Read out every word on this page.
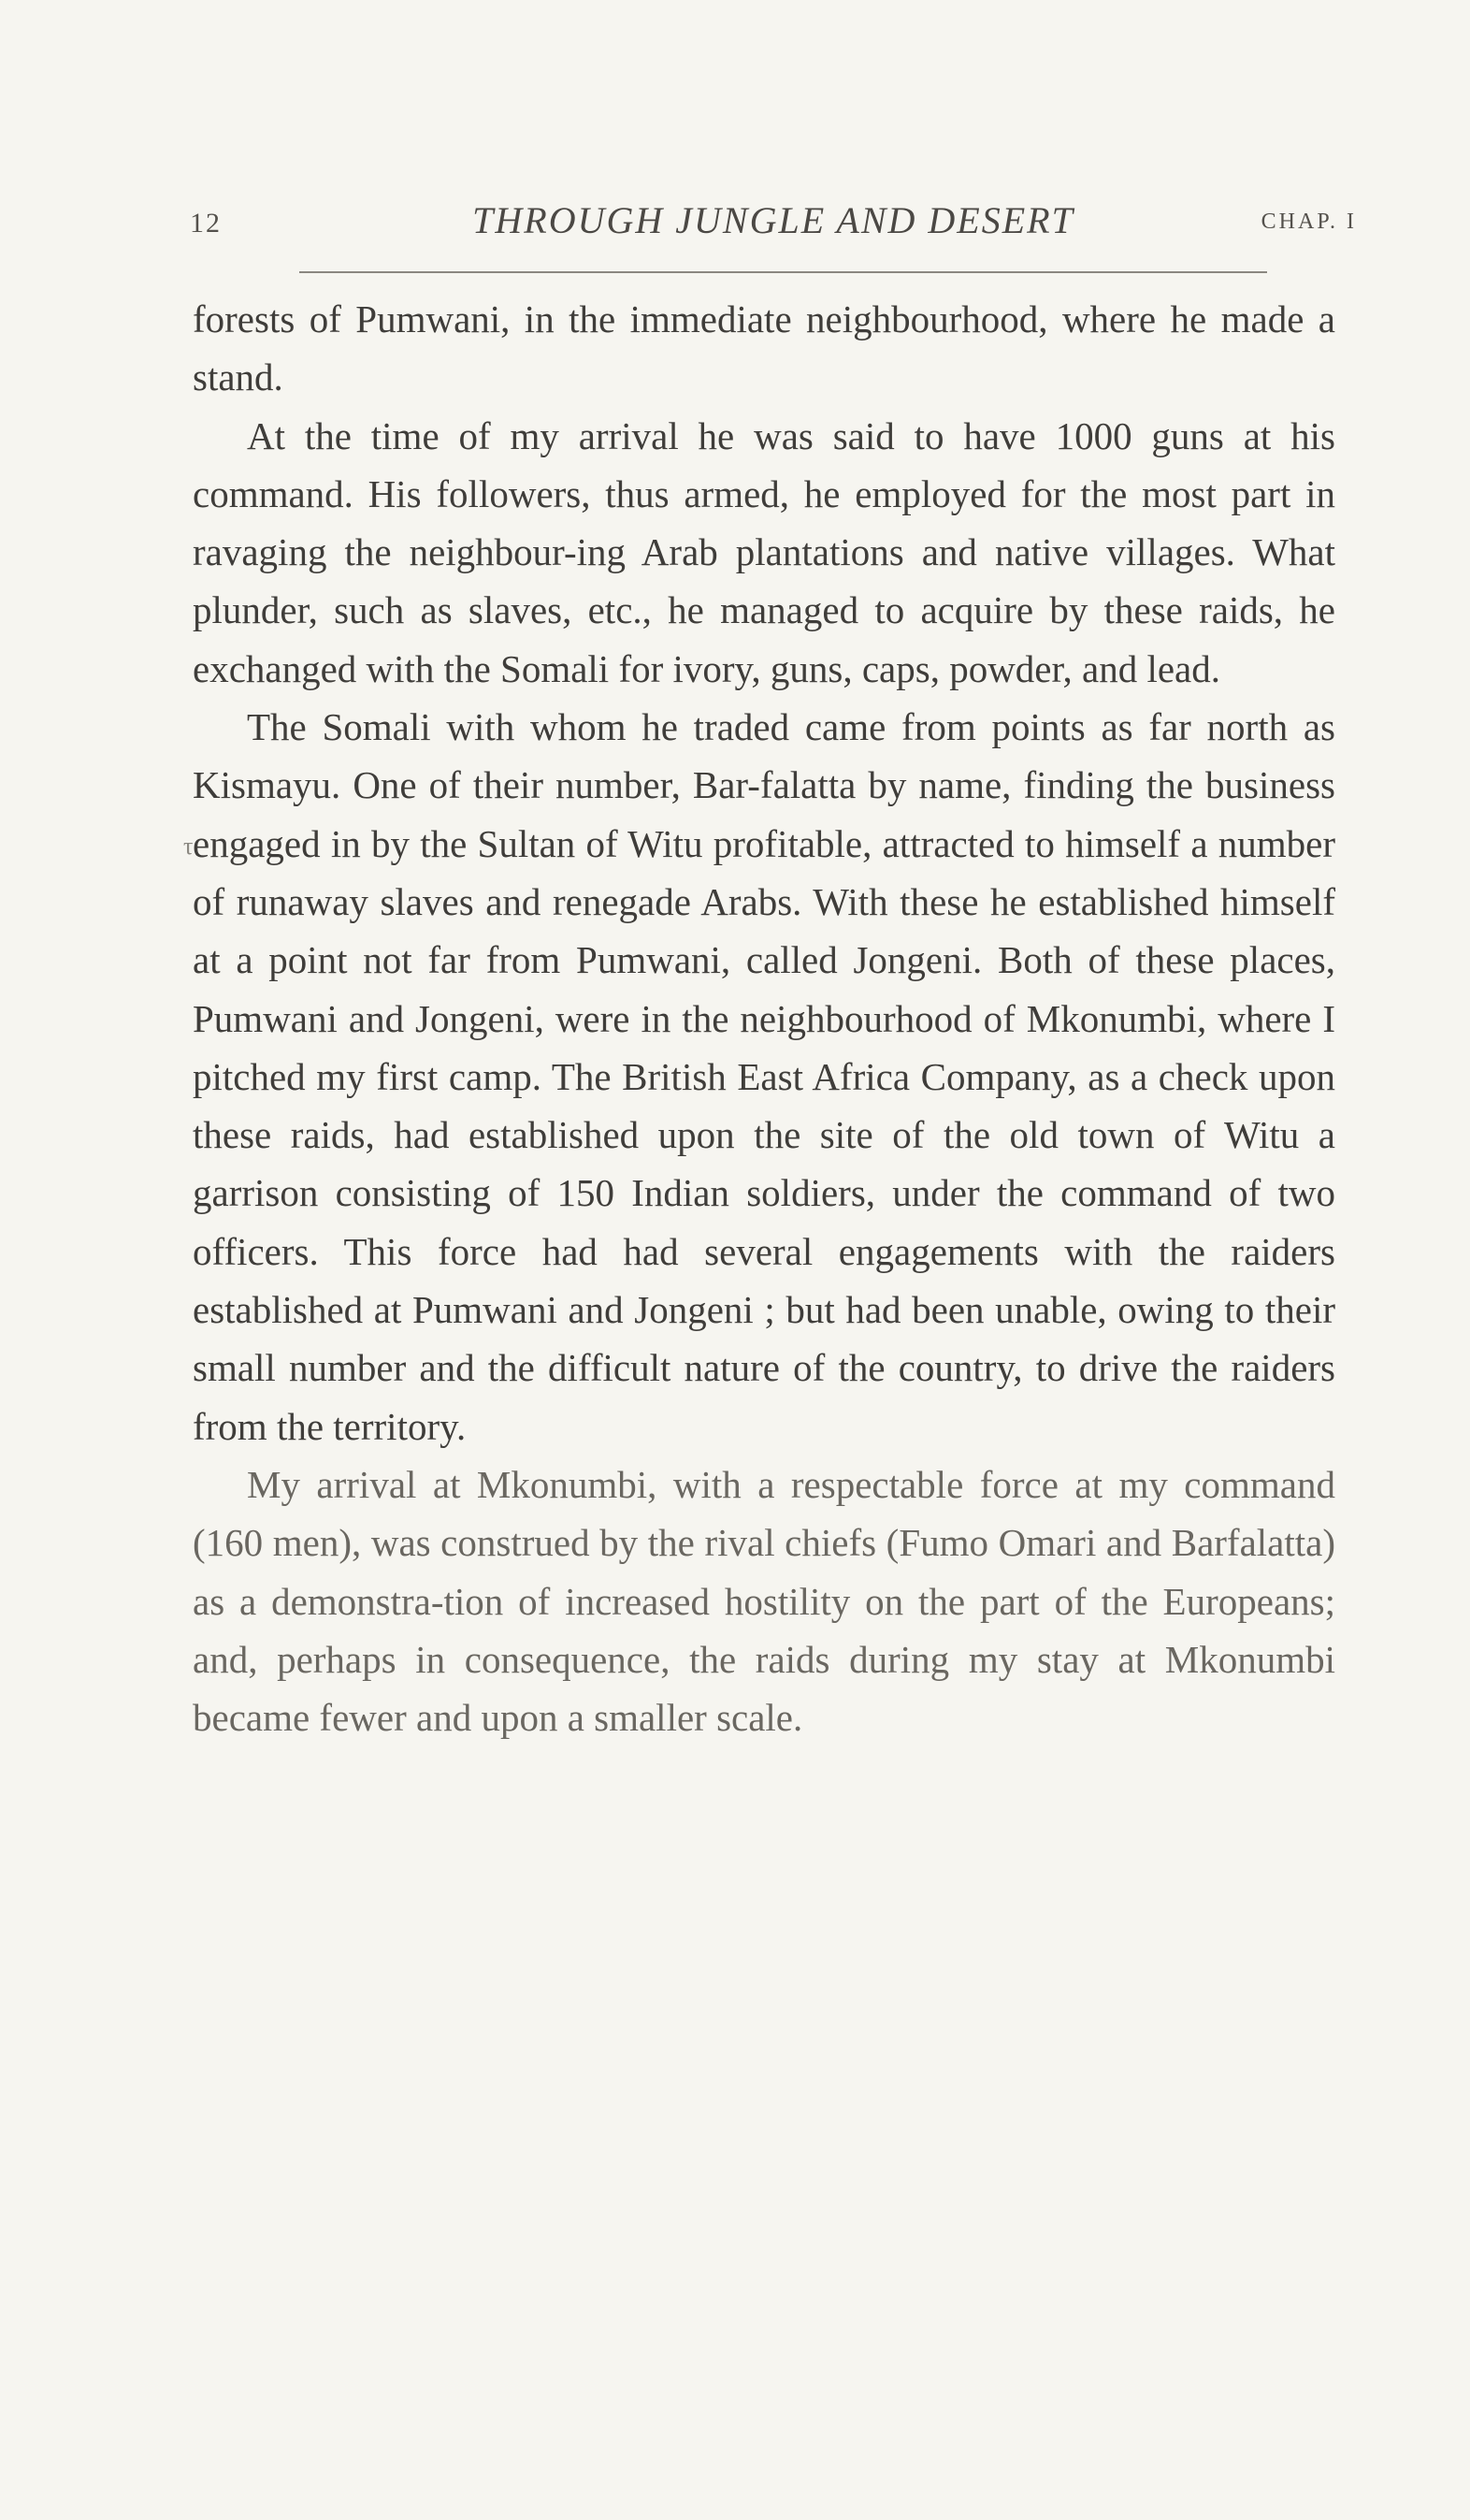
12	THROUGH JUNGLE AND DESERT	CHAP. I
τ

forests of Pumwani, in the immediate neighbourhood, where he made a stand.

At the time of my arrival he was said to have 1000 guns at his command. His followers, thus armed, he employed for the most part in ravaging the neighbour-ing Arab plantations and native villages. What plunder, such as slaves, etc., he managed to acquire by these raids, he exchanged with the Somali for ivory, guns, caps, powder, and lead.

The Somali with whom he traded came from points as far north as Kismayu. One of their number, Bar-falatta by name, finding the business engaged in by the Sultan of Witu profitable, attracted to himself a number of runaway slaves and renegade Arabs. With these he established himself at a point not far from Pumwani, called Jongeni. Both of these places, Pumwani and Jongeni, were in the neighbourhood of Mkonumbi, where I pitched my first camp. The British East Africa Company, as a check upon these raids, had established upon the site of the old town of Witu a garrison consisting of 150 Indian soldiers, under the command of two officers. This force had had several engagements with the raiders established at Pumwani and Jongeni ; but had been unable, owing to their small number and the difficult nature of the country, to drive the raiders from the territory.

My arrival at Mkonumbi, with a respectable force at my command (160 men), was construed by the rival chiefs (Fumo Omari and Barfalatta) as a demonstra-tion of increased hostility on the part of the Europeans; and, perhaps in consequence, the raids during my stay at Mkonumbi became fewer and upon a smaller scale.
